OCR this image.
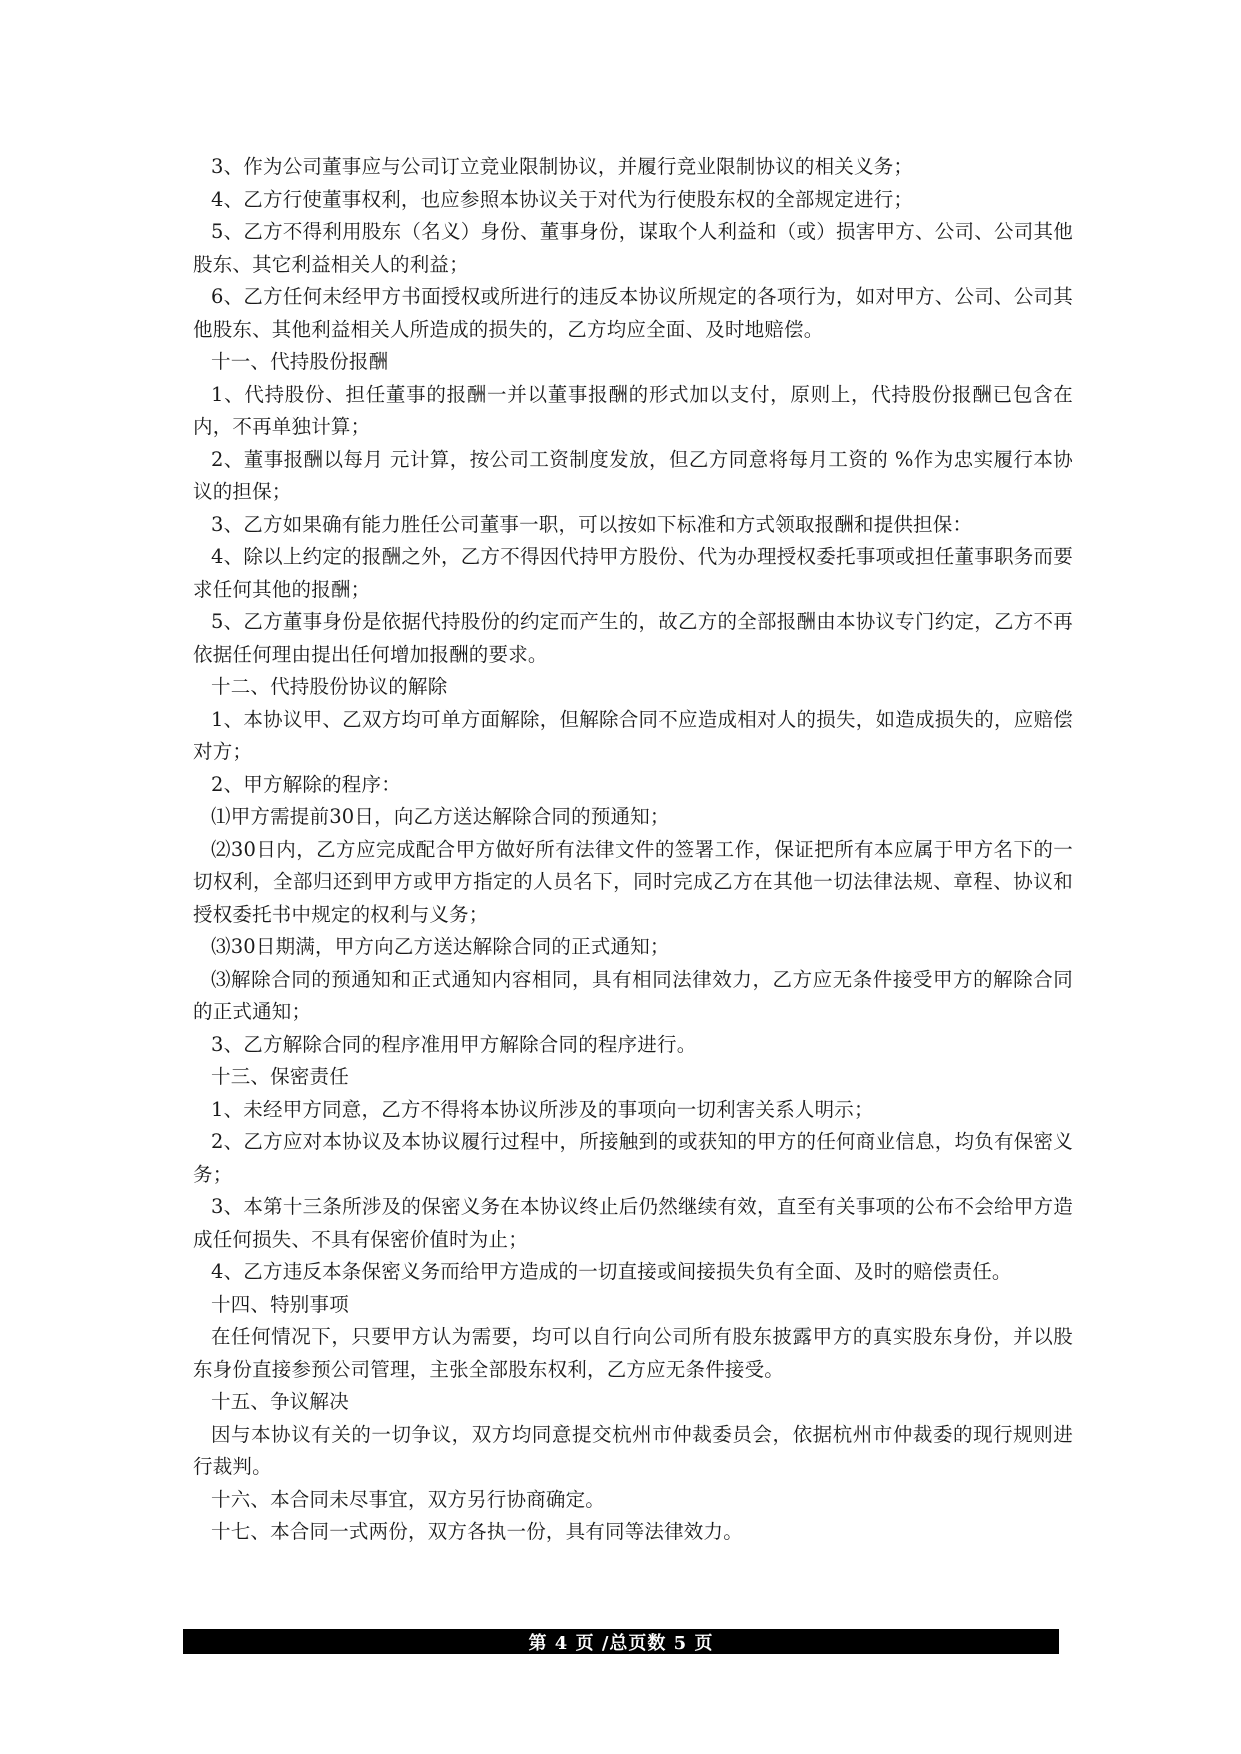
3、作为公司董事应与公司订立竞业限制协议，并履行竞业限制协议的相关义务；

4、乙方行使董事权利，也应参照本协议关于对代为行使股东权的全部规定进行；

5、乙方不得利用股东（名义）身份、董事身份，谋取个人利益和（或）损害甲方、公司、公司其他股东、其它利益相关人的利益；

6、乙方任何未经甲方书面授权或所进行的违反本协议所规定的各项行为，如对甲方、公司、公司其他股东、其他利益相关人所造成的损失的，乙方均应全面、及时地赔偿。

十一、代持股份报酬

1、代持股份、担任董事的报酬一并以董事报酬的形式加以支付，原则上，代持股份报酬已包含在内，不再单独计算；

2、董事报酬以每月 元计算，按公司工资制度发放，但乙方同意将每月工资的 %作为忠实履行本协议的担保；

3、乙方如果确有能力胜任公司董事一职，可以按如下标准和方式领取报酬和提供担保：

4、除以上约定的报酬之外，乙方不得因代持甲方股份、代为办理授权委托事项或担任董事职务而要求任何其他的报酬；

5、乙方董事身份是依据代持股份的约定而产生的，故乙方的全部报酬由本协议专门约定，乙方不再依据任何理由提出任何增加报酬的要求。

十二、代持股份协议的解除

1、本协议甲、乙双方均可单方面解除，但解除合同不应造成相对人的损失，如造成损失的，应赔偿对方；

2、甲方解除的程序：

⑴甲方需提前30日，向乙方送达解除合同的预通知；

⑵30日内，乙方应完成配合甲方做好所有法律文件的签署工作，保证把所有本应属于甲方名下的一切权利，全部归还到甲方或甲方指定的人员名下，同时完成乙方在其他一切法律法规、章程、协议和授权委托书中规定的权利与义务；

⑶30日期满，甲方向乙方送达解除合同的正式通知；

⑶解除合同的预通知和正式通知内容相同，具有相同法律效力，乙方应无条件接受甲方的解除合同的正式通知；

3、乙方解除合同的程序准用甲方解除合同的程序进行。

十三、保密责任

1、未经甲方同意，乙方不得将本协议所涉及的事项向一切利害关系人明示；

2、乙方应对本协议及本协议履行过程中，所接触到的或获知的甲方的任何商业信息，均负有保密义务；

3、本第十三条所涉及的保密义务在本协议终止后仍然继续有效，直至有关事项的公布不会给甲方造成任何损失、不具有保密价值时为止；

4、乙方违反本条保密义务而给甲方造成的一切直接或间接损失负有全面、及时的赔偿责任。

十四、特别事项

在任何情况下，只要甲方认为需要，均可以自行向公司所有股东披露甲方的真实股东身份，并以股东身份直接参预公司管理，主张全部股东权利，乙方应无条件接受。

十五、争议解决

因与本协议有关的一切争议，双方均同意提交杭州市仲裁委员会，依据杭州市仲裁委的现行规则进行裁判。

十六、本合同未尽事宜，双方另行协商确定。

十七、本合同一式两份，双方各执一份，具有同等法律效力。

第 4 页 /总页数 5 页
